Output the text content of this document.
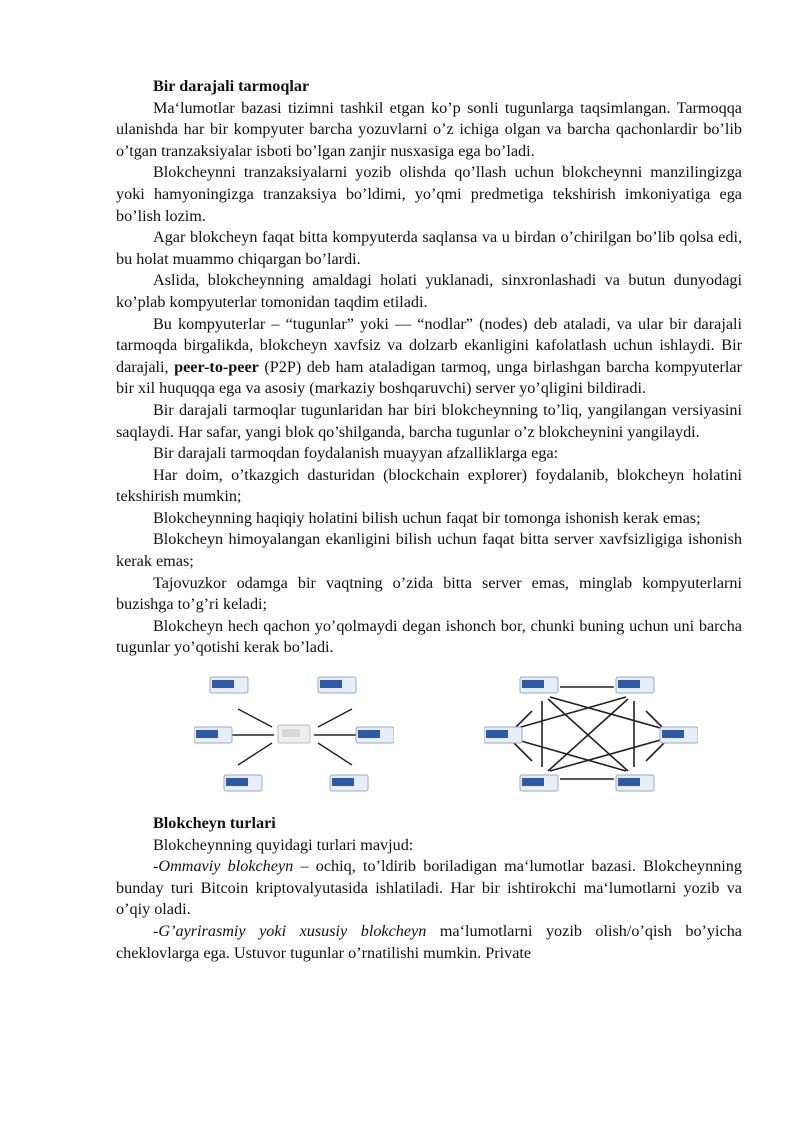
Bir darajali tarmoqlar

Ma‘lumotlar bazasi tizimni tashkil etgan ko’p sonli tugunlarga taqsimlangan. Tarmoqqa ulanishda har bir kompyuter barcha yozuvlarni o’z ichiga olgan va barcha qachonlardir bo’lib o’tgan tranzaksiyalar isboti bo’lgan zanjir nusxasiga ega bo’ladi.

Blokcheynni tranzaksiyalarni yozib olishda qo’llash uchun blokcheynni manzilingizga yoki hamyoningizga tranzaksiya bo’ldimi, yo’qmi predmetiga tekshirish imkoniyatiga ega bo’lish lozim.

Agar blokcheyn faqat bitta kompyuterda saqlansa va u birdan o’chirilgan bo’lib qolsa edi, bu holat muammo chiqargan bo’lardi.

Aslida, blokcheynning amaldagi holati yuklanadi, sinxronlashadi va butun dunyodagi ko’plab kompyuterlar tomonidan taqdim etiladi.

Bu kompyuterlar – “tugunlar” yoki — “nodlar” (nodes) deb ataladi, va ular bir darajali tarmoqda birgalikda, blokcheyn xavfsiz va dolzarb ekanligini kafolatlash uchun ishlaydi. Bir darajali, peer-to-peer (P2P) deb ham ataladigan tarmoq, unga birlashgan barcha kompyuterlar bir xil huquqqa ega va asosiy (markaziy boshqaruvchi) server yo’qligini bildiradi.

Bir darajali tarmoqlar tugunlaridan har biri blokcheynning to’liq, yangilangan versiyasini saqlaydi. Har safar, yangi blok qo’shilganda, barcha tugunlar o’z blokcheynini yangilaydi.

Bir darajali tarmoqdan foydalanish muayyan afzalliklarga ega:

Har doim, o’tkazgich dasturidan (blockchain explorer) foydalanib, blokcheyn holatini tekshirish mumkin;

Blokcheynning haqiqiy holatini bilish uchun faqat bir tomonga ishonish kerak emas;

Blokcheyn himoyalangan ekanligini bilish uchun faqat bitta server xavfsizligiga ishonish kerak emas;

Tajovuzkor odamga bir vaqtning o’zida bitta server emas, minglab kompyuterlarni buzishga to’g’ri keladi;

Blokcheyn hech qachon yo’qolmaydi degan ishonch bor, chunki buning uchun uni barcha tugunlar yo’qotishi kerak bo’ladi.

Blokcheyn turlari

Blokcheynning quyidagi turlari mavjud:

-Ommaviy blokcheyn – ochiq, to’ldirib boriladigan ma‘lumotlar bazasi. Blokcheynning bunday turi Bitcoin kriptovalyutasida ishlatiladi. Har bir ishtirokchi ma‘lumotlarni yozib va o’qiy oladi.

-G’ayrirasmiy yoki xususiy blokcheyn ma‘lumotlarni yozib olish/o’qish bo’yicha cheklovlarga ega. Ustuvor tugunlar o’rnatilishi mumkin. Private
